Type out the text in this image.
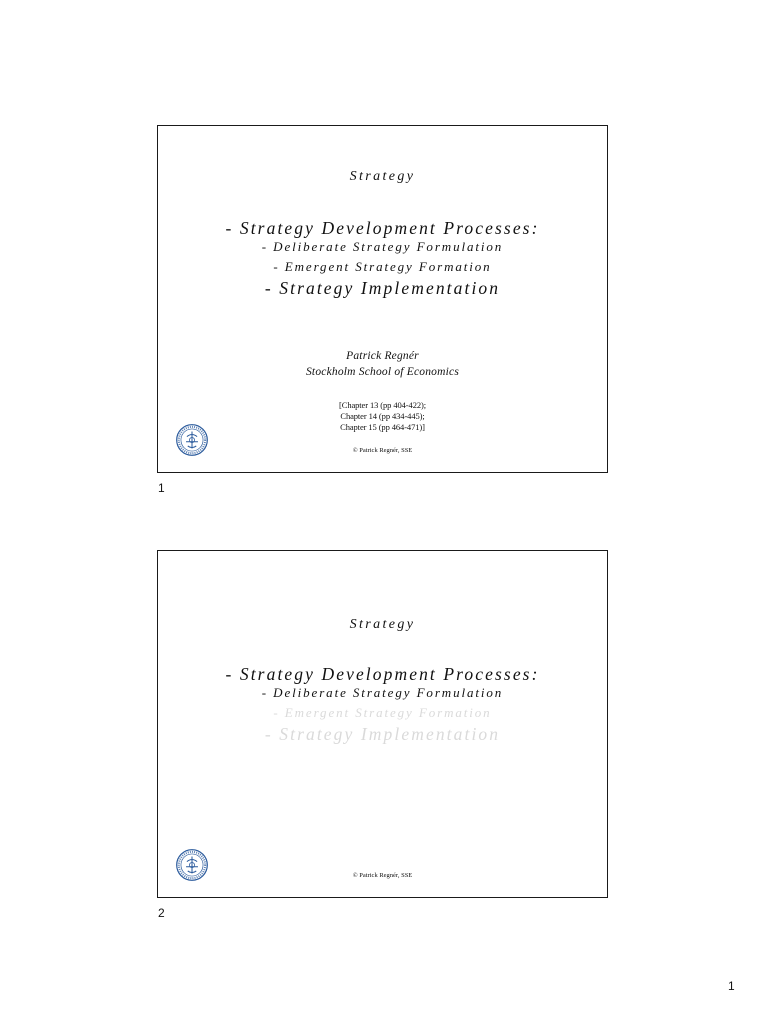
Strategy
- Strategy Development Processes:
- Deliberate Strategy Formulation
- Emergent Strategy Formation
- Strategy Implementation
Patrick Regnér
Stockholm School of Economics
[Chapter 13 (pp 404-422);
Chapter 14 (pp 434-445);
Chapter 15 (pp 464-471)]
© Patrick Regnér, SSE
1
Strategy
- Strategy Development Processes:
- Deliberate Strategy Formulation
- Emergent Strategy Formation
- Strategy Implementation
© Patrick Regnér, SSE
2
1
